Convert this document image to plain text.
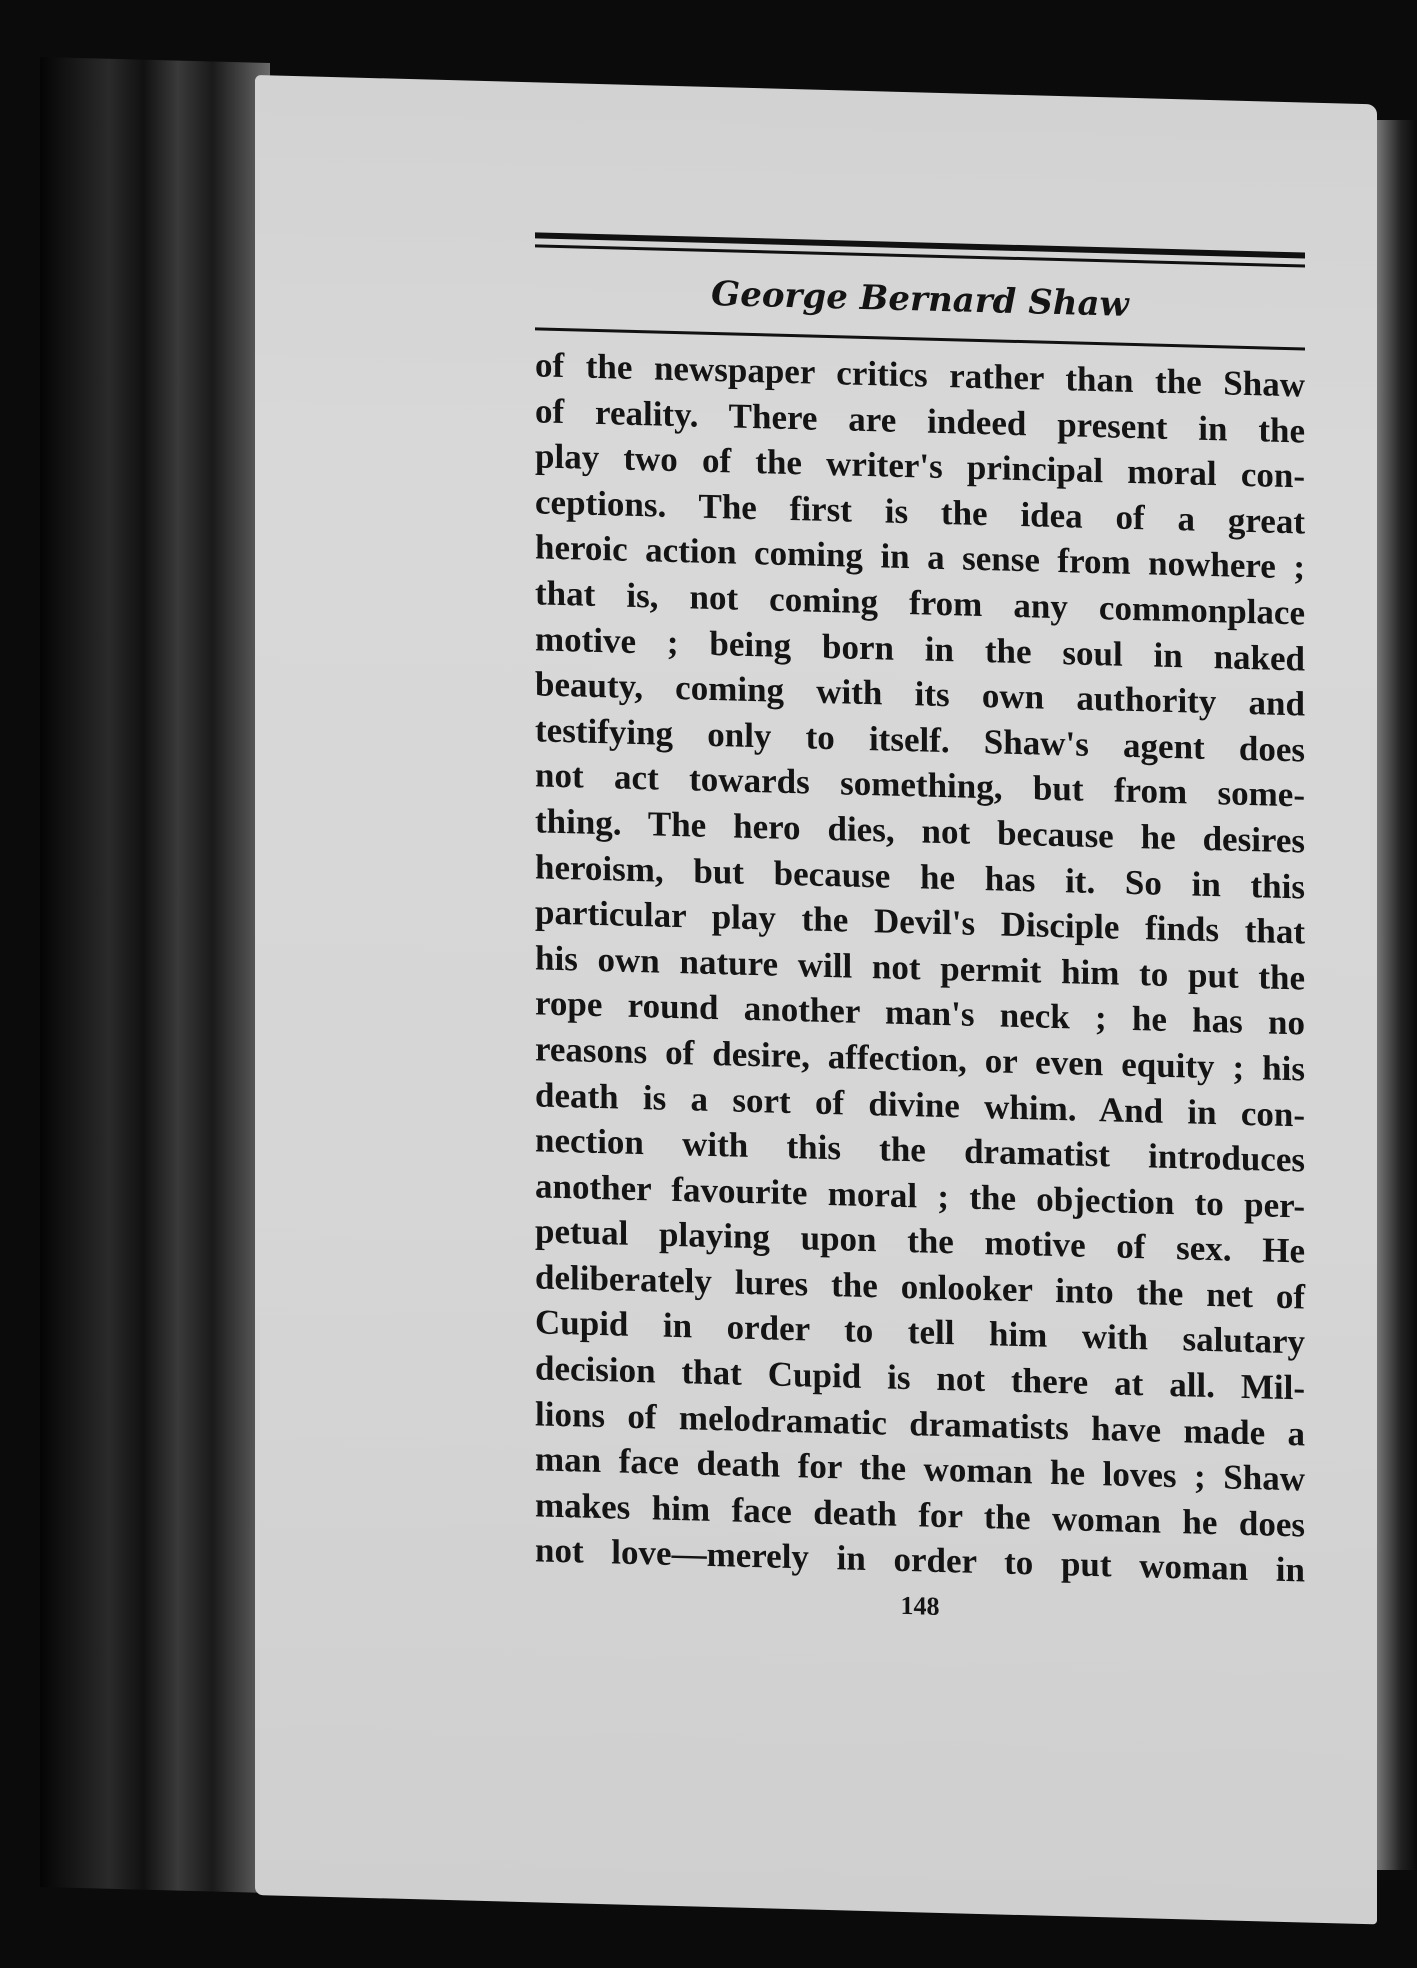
George Bernard Shaw
of the newspaper critics rather than the Shaw
of reality. There are indeed present in the
play two of the writer's principal moral con-
ceptions. The first is the idea of a great
heroic action coming in a sense from nowhere ;
that is, not coming from any commonplace
motive ; being born in the soul in naked
beauty, coming with its own authority and
testifying only to itself. Shaw's agent does
not act towards something, but from some-
thing. The hero dies, not because he desires
heroism, but because he has it. So in this
particular play the Devil's Disciple finds that
his own nature will not permit him to put the
rope round another man's neck ; he has no
reasons of desire, affection, or even equity ; his
death is a sort of divine whim. And in con-
nection with this the dramatist introduces
another favourite moral ; the objection to per-
petual playing upon the motive of sex. He
deliberately lures the onlooker into the net of
Cupid in order to tell him with salutary
decision that Cupid is not there at all. Mil-
lions of melodramatic dramatists have made a
man face death for the woman he loves ; Shaw
makes him face death for the woman he does
not love—merely in order to put woman in
148
